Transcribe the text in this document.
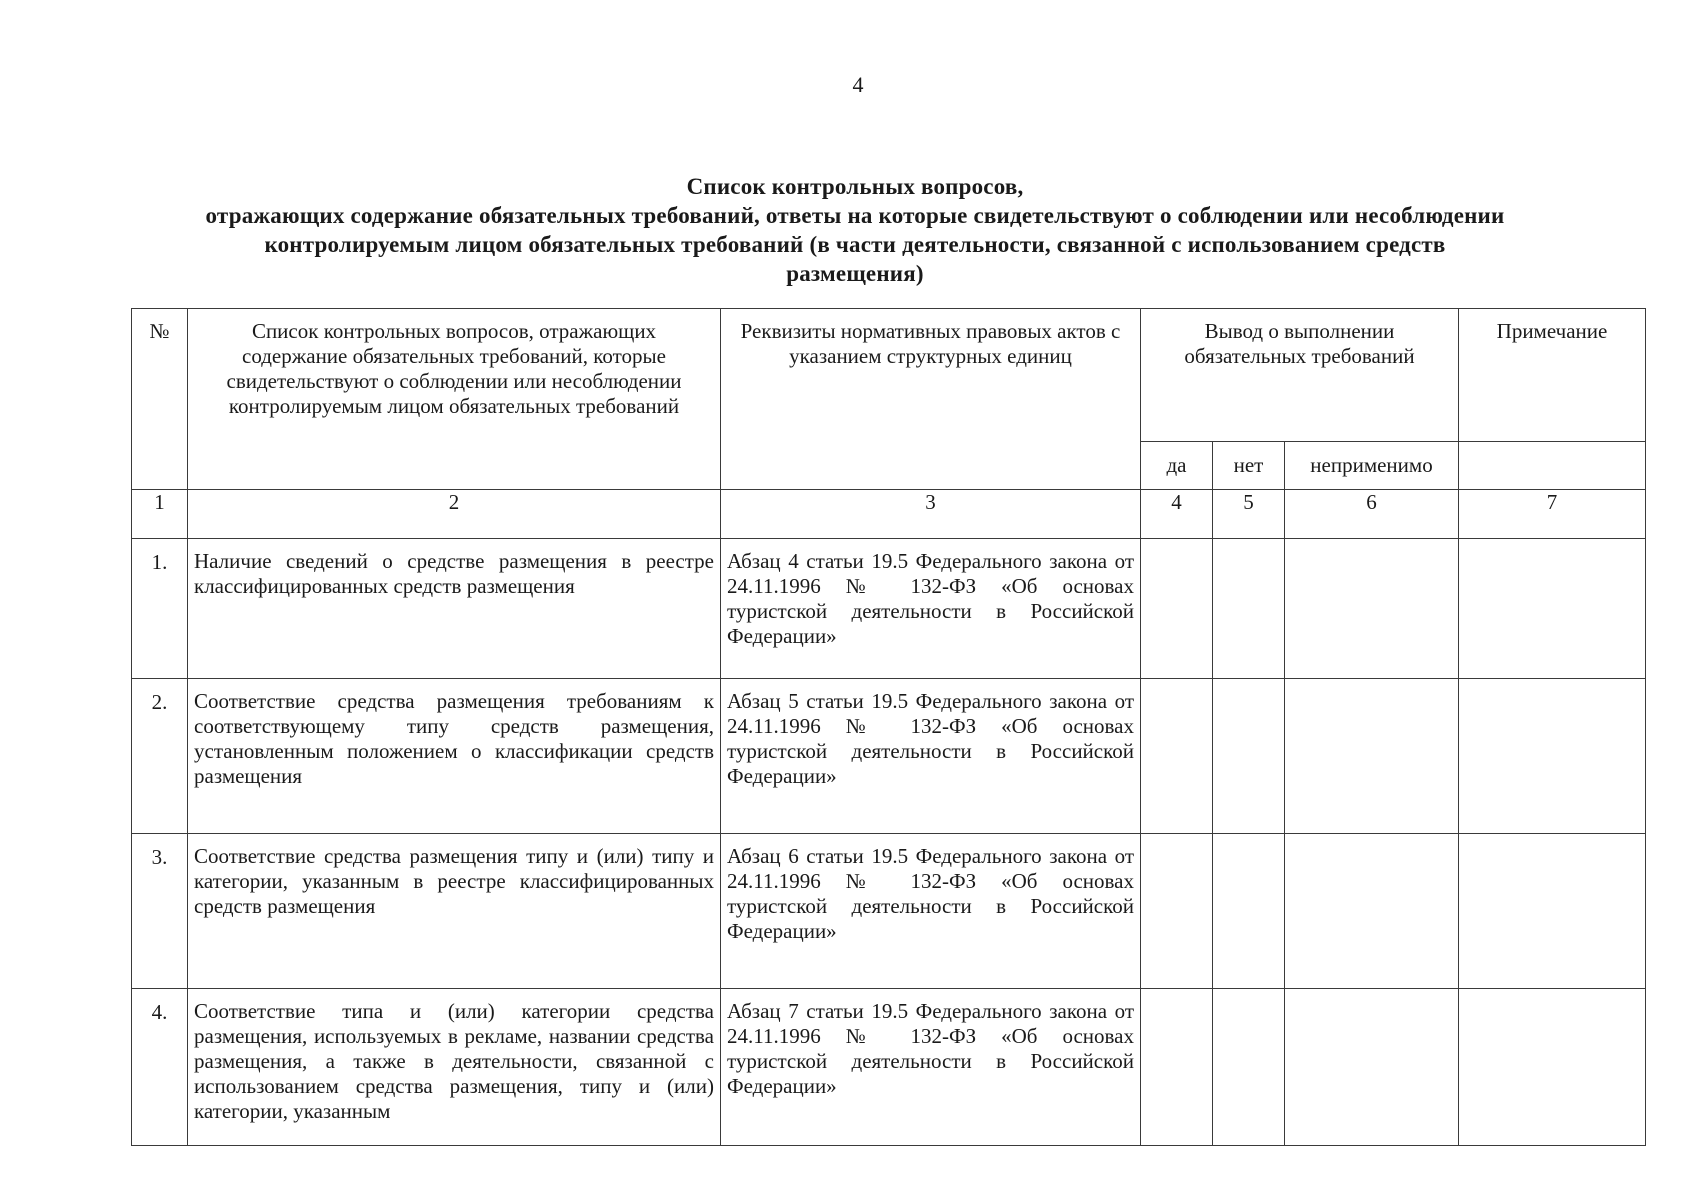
4
Список контрольных вопросов,
отражающих содержание обязательных требований, ответы на которые свидетельствуют о соблюдении или несоблюдении
контролируемым лицом обязательных требований (в части деятельности, связанной с использованием средств
размещения)
№	Список контрольных вопросов, отражающих содержание обязательных требований, которые свидетельствуют о соблюдении или несоблюдении контролируемым лицом обязательных требований	Реквизиты нормативных правовых актов с указанием структурных единиц	Вывод о выполнении обязательных требований			Примечание
			да	нет	неприменимо	
1	2	3	4	5	6	7
1.	Наличие сведений о средстве размещения в реестре классифицированных средств размещения	Абзац 4 статьи 19.5 Федерального закона от 24.11.1996 № 132-ФЗ «Об основах туристской деятельности в Российской Федерации»				
2.	Соответствие средства размещения требованиям к соответствующему типу средств размещения, установленным положением о классификации средств размещения	Абзац 5 статьи 19.5 Федерального закона от 24.11.1996 № 132-ФЗ «Об основах туристской деятельности в Российской Федерации»				
3.	Соответствие средства размещения типу и (или) типу и категории, указанным в реестре классифицированных средств размещения	Абзац 6 статьи 19.5 Федерального закона от 24.11.1996 № 132-ФЗ «Об основах туристской деятельности в Российской Федерации»				
4.	Соответствие типа и (или) категории средства размещения, используемых в рекламе, названии средства размещения, а также в деятельности, связанной с использованием средства размещения, типу и (или) категории, указанным	Абзац 7 статьи 19.5 Федерального закона от 24.11.1996 № 132-ФЗ «Об основах туристской деятельности в Российской Федерации»				
